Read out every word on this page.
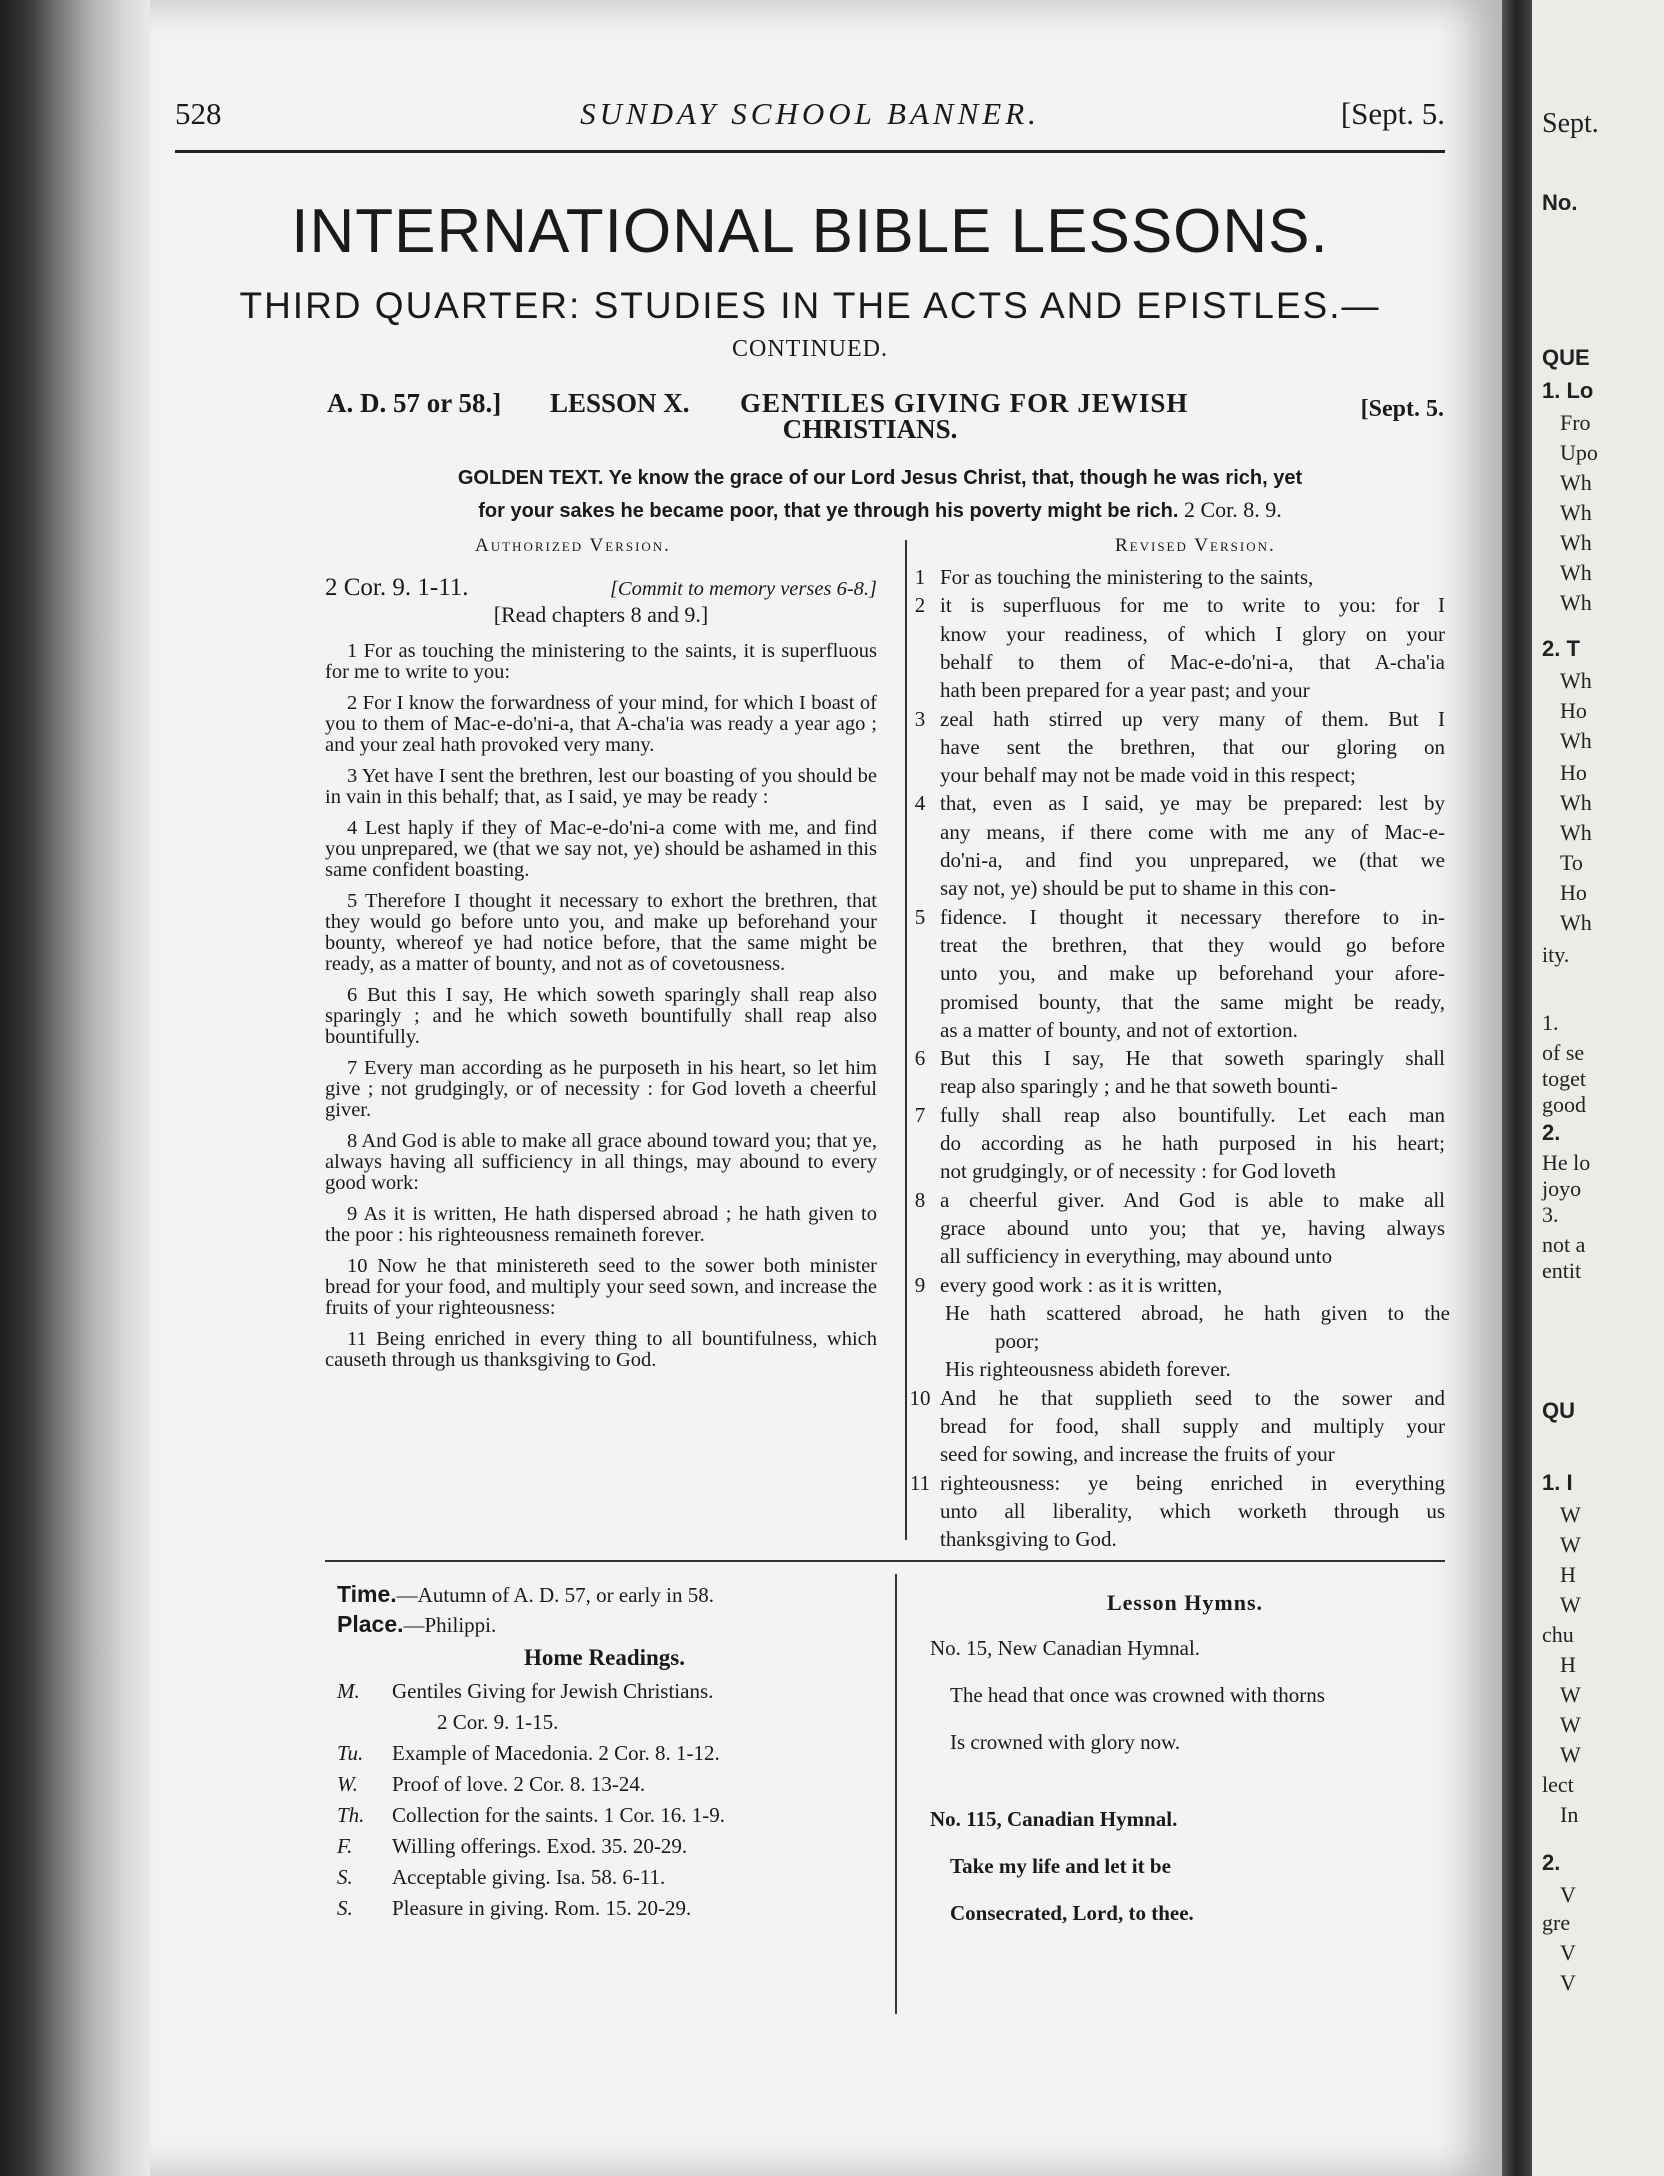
Sept.
No.
QUE
1. Lo
Fro
Upo
Wh
Wh
Wh
Wh
Wh
2. T
Wh
Ho
Wh
Ho
Wh
Wh
To
Ho
Wh
ity.
1.
of se
toget
good
2.
He lo
joyo
3.
not a
entit
QU
1. I
W
W
H
W
chu
H
W
W
W
lect
In
2.
V
gre
V
V
528	SUNDAY SCHOOL BANNER.	[Sept. 5.
INTERNATIONAL BIBLE LESSONS.
THIRD QUARTER: STUDIES IN THE ACTS AND EPISTLES.—
CONTINUED.
A. D. 57 or 58.] LESSON X. GENTILES GIVING FOR JEWISH	[Sept. 5.
CHRISTIANS.
GOLDEN TEXT. Ye know the grace of our Lord Jesus Christ, that, though he was rich, yet
for your sakes he became poor, that ye through his poverty might be rich. 2 Cor. 8. 9.
Authorized Version.	Revised Version.
2 Cor. 9. 1-11.	[Commit to memory verses 6-8.]
[Read chapters 8 and 9.]

1 For as touching the ministering to the saints, it is superfluous for me to write to you:

2 For I know the forwardness of your mind, for which I boast of you to them of Mac-e-do'ni-a, that A-cha'ia was ready a year ago ; and your zeal hath provoked very many.

3 Yet have I sent the brethren, lest our boasting of you should be in vain in this behalf; that, as I said, ye may be ready :

4 Lest haply if they of Mac-e-do'ni-a come with me, and find you unprepared, we (that we say not, ye) should be ashamed in this same confident boasting.

5 Therefore I thought it necessary to exhort the brethren, that they would go before unto you, and make up beforehand your bounty, whereof ye had notice before, that the same might be ready, as a matter of bounty, and not as of covetousness.

6 But this I say, He which soweth sparingly shall reap also sparingly ; and he which soweth bountifully shall reap also bountifully.

7 Every man according as he purposeth in his heart, so let him give ; not grudgingly, or of necessity : for God loveth a cheerful giver.

8 And God is able to make all grace abound toward you; that ye, always having all sufficiency in all things, may abound to every good work:

9 As it is written, He hath dispersed abroad ; he hath given to the poor : his righteousness remaineth forever.

10 Now he that ministereth seed to the sower both minister bread for your food, and multiply your seed sown, and increase the fruits of your righteousness:

11 Being enriched in every thing to all bountifulness, which causeth through us thanksgiving to God.

1 For as touching the ministering to the saints,
2 it is superfluous for me to write to you: for I
know your readiness, of which I glory on your
behalf to them of Mac-e-do'ni-a, that A-cha'ia
hath been prepared for a year past; and your
3 zeal hath stirred up very many of them. But I
have sent the brethren, that our gloring on
your behalf may not be made void in this respect;
4 that, even as I said, ye may be prepared: lest by
any means, if there come with me any of Mac-e-
do'ni-a, and find you unprepared, we (that we
say not, ye) should be put to shame in this con-
5 fidence. I thought it necessary therefore to in-
treat the brethren, that they would go before
unto you, and make up beforehand your afore-
promised bounty, that the same might be ready,
as a matter of bounty, and not of extortion.
6 But this I say, He that soweth sparingly shall
reap also sparingly ; and he that soweth bounti-
7 fully shall reap also bountifully. Let each man
do according as he hath purposed in his heart;
not grudgingly, or of necessity : for God loveth
8 a cheerful giver. And God is able to make all
grace abound unto you; that ye, having always
all sufficiency in everything, may abound unto
9 every good work : as it is written,
He hath scattered abroad, he hath given to the
poor;
His righteousness abideth forever.
10 And he that supplieth seed to the sower and
bread for food, shall supply and multiply your
seed for sowing, and increase the fruits of your
11 righteousness: ye being enriched in everything
unto all liberality, which worketh through us
thanksgiving to God.
Time.—Autumn of A. D. 57, or early in 58.
Place.—Philippi.
Home Readings.
M.	Gentiles Giving for Jewish Christians.
2 Cor. 9. 1-15.
Tu.	Example of Macedonia. 2 Cor. 8. 1-12.
W.	Proof of love. 2 Cor. 8. 13-24.
Th.	Collection for the saints. 1 Cor. 16. 1-9.
F.	Willing offerings. Exod. 35. 20-29.
S.	Acceptable giving. Isa. 58. 6-11.
S.	Pleasure in giving. Rom. 15. 20-29.
Lesson Hymns.
No. 15, New Canadian Hymnal.
The head that once was crowned with thorns
Is crowned with glory now.
No. 115, Canadian Hymnal.
Take my life and let it be
Consecrated, Lord, to thee.
